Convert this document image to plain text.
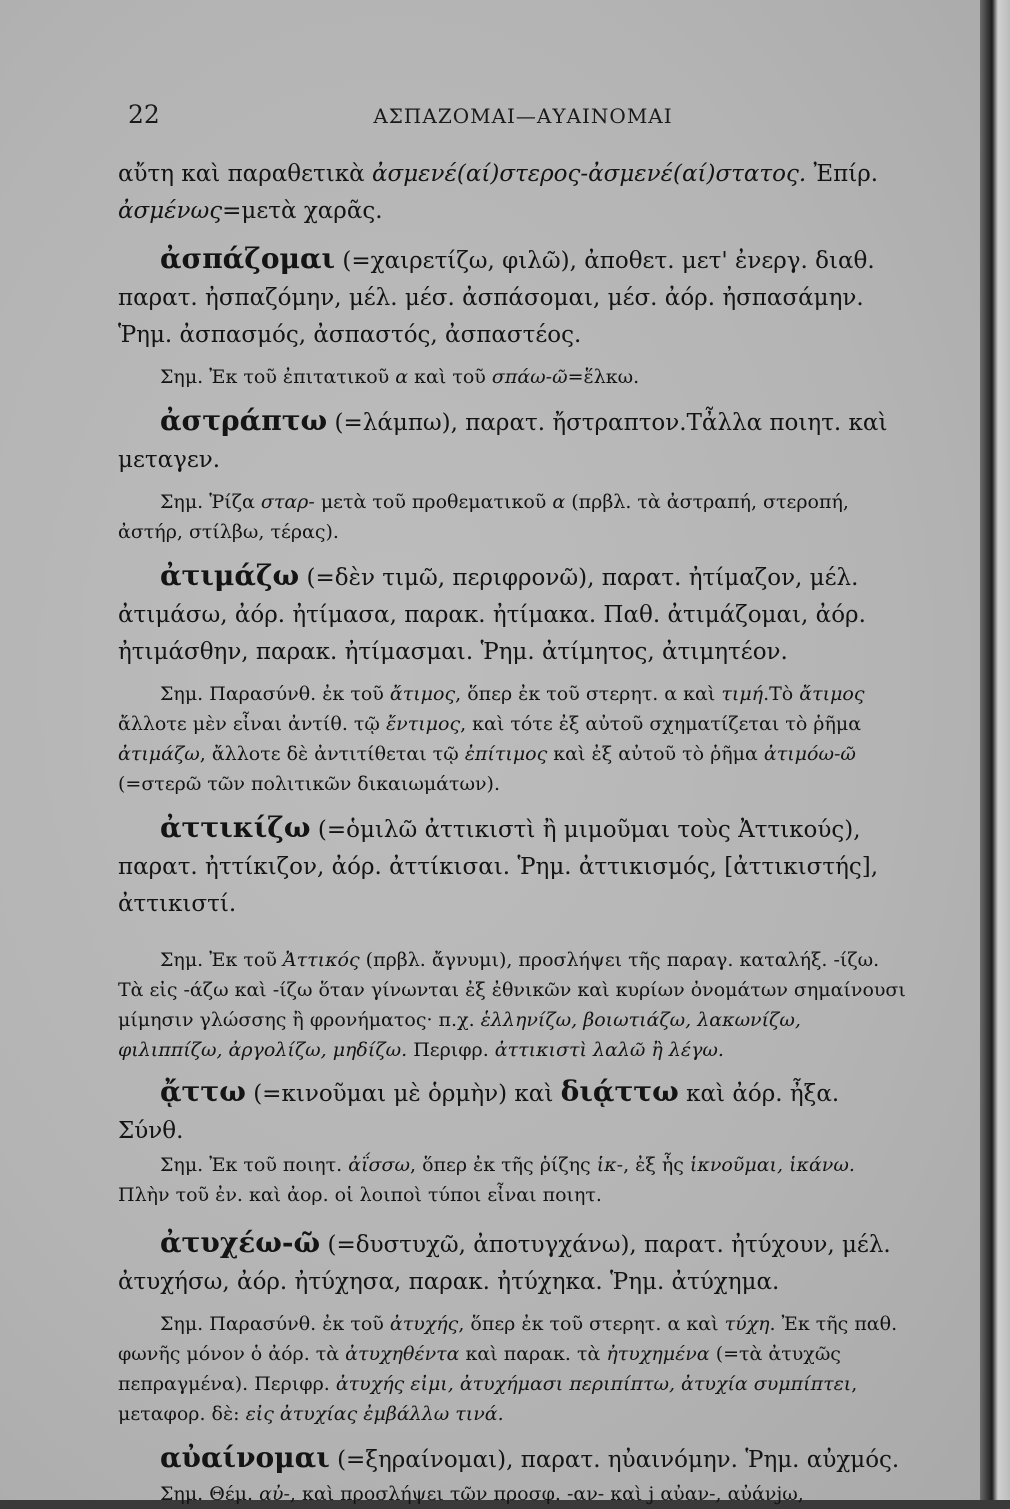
22	ΑΣΠΑΖΟΜΑΙ—ΑΥΑΙΝΟΜΑΙ

αὔτη καὶ παραθετικὰ ἀσμενέ(αί)στερος-ἀσμενέ(αί)στατος. Ἐπίρ. ἀσμένως=μετὰ χαρᾶς.

ἀσπάζομαι (=χαιρετίζω, φιλῶ), ἀποθετ. μετ' ἐνεργ. διαθ. παρατ. ἠσπαζόμην, μέλ. μέσ. ἀσπάσομαι, μέσ. ἀόρ. ἠσπασάμην. Ῥημ. ἀσπασμός, ἀσπαστός, ἀσπαστέος.

Σημ. Ἐκ τοῦ ἐπιτατικοῦ α καὶ τοῦ σπάω-ῶ=ἕλκω.

ἀστράπτω (=λάμπω), παρατ. ἤστραπτον.Τἆλλα ποιητ. καὶ μεταγεν.

Σημ. Ῥίζα σταρ- μετὰ τοῦ προθεματικοῦ α (πρβλ. τὰ ἀστραπή, στεροπή, ἀστήρ, στίλβω, τέρας).

ἀτιμάζω (=δὲν τιμῶ, περιφρονῶ), παρατ. ἠτίμαζον, μέλ. ἀτιμάσω, ἀόρ. ἠτίμασα, παρακ. ἠτίμακα. Παθ. ἀτιμάζομαι, ἀόρ. ἠτιμάσθην, παρακ. ἠτίμασμαι. Ῥημ. ἀτίμητος, ἀτιμητέον.

Σημ. Παρασύνθ. ἐκ τοῦ ἄτιμος, ὅπερ ἐκ τοῦ στερητ. α καὶ τιμή.Τὸ ἄτιμος ἄλλοτε μὲν εἶναι ἀντίθ. τῷ ἔντιμος, καὶ τότε ἐξ αὐτοῦ σχηματίζεται τὸ ῥῆμα ἀτιμάζω, ἄλλοτε δὲ ἀντιτίθεται τῷ ἐπίτιμος καὶ ἐξ αὐτοῦ τὸ ῥῆμα ἀτιμόω-ῶ (=στερῶ τῶν πολιτικῶν δικαιωμάτων).

ἀττικίζω (=ὁμιλῶ ἀττικιστὶ ἢ μιμοῦμαι τοὺς Ἀττικούς), παρατ. ἠττίκιζον, ἀόρ. ἀττίκισαι. Ῥημ. ἀττικισμός, [ἀττικιστής], ἀττικιστί.

Σημ. Ἐκ τοῦ Ἀττικός (πρβλ. ἄγνυμι), προσλήψει τῆς παραγ. καταλήξ. -ίζω. Τὰ εἰς -άζω καὶ -ίζω ὅταν γίνωνται ἐξ ἐθνικῶν καὶ κυρίων ὀνομάτων σημαίνουσι μίμησιν γλώσσης ἢ φρονήματος· π.χ. ἑλληνίζω, βοιωτιάζω, λακωνίζω, φιλιππίζω, ἀργολίζω, μηδίζω. Περιφρ. ἀττικιστὶ λαλῶ ἢ λέγω.

ᾄττω (=κινοῦμαι μὲ ὁρμὴν) καὶ διᾴττω καὶ ἀόρ. ἦξα. Σύνθ.

Σημ. Ἐκ τοῦ ποιητ. ἀΐσσω, ὅπερ ἐκ τῆς ῥίζης ἱκ-, ἐξ ἧς ἱκνοῦμαι, ἱκάνω. Πλὴν τοῦ ἐν. καὶ ἀορ. οἱ λοιποὶ τύποι εἶναι ποιητ.

ἀτυχέω-ῶ (=δυστυχῶ, ἀποτυγχάνω), παρατ. ἠτύχουν, μέλ. ἀτυχήσω, ἀόρ. ἠτύχησα, παρακ. ἠτύχηκα. Ῥημ. ἀτύχημα.

Σημ. Παρασύνθ. ἐκ τοῦ ἀτυχής, ὅπερ ἐκ τοῦ στερητ. α καὶ τύχη. Ἐκ τῆς παθ. φωνῆς μόνον ὁ ἀόρ. τὰ ἀτυχηθέντα καὶ παρακ. τὰ ἠτυχημένα (=τὰ ἀτυχῶς πεπραγμένα). Περιφρ. ἀτυχής εἰμι, ἀτυχήμασι περιπίπτω, ἀτυχία συμπίπτει, μεταφορ. δὲ: εἰς ἀτυχίας ἐμβάλλω τινά.

αὐαίνομαι (=ξηραίνομαι), παρατ. ηὐαινόμην. Ῥημ. αὐχμός.

Σημ. Θέμ. αὐ-, καὶ προσλήψει τῶν προσφ. -αν- καὶ j αὐαν-, αὐάνjω,
